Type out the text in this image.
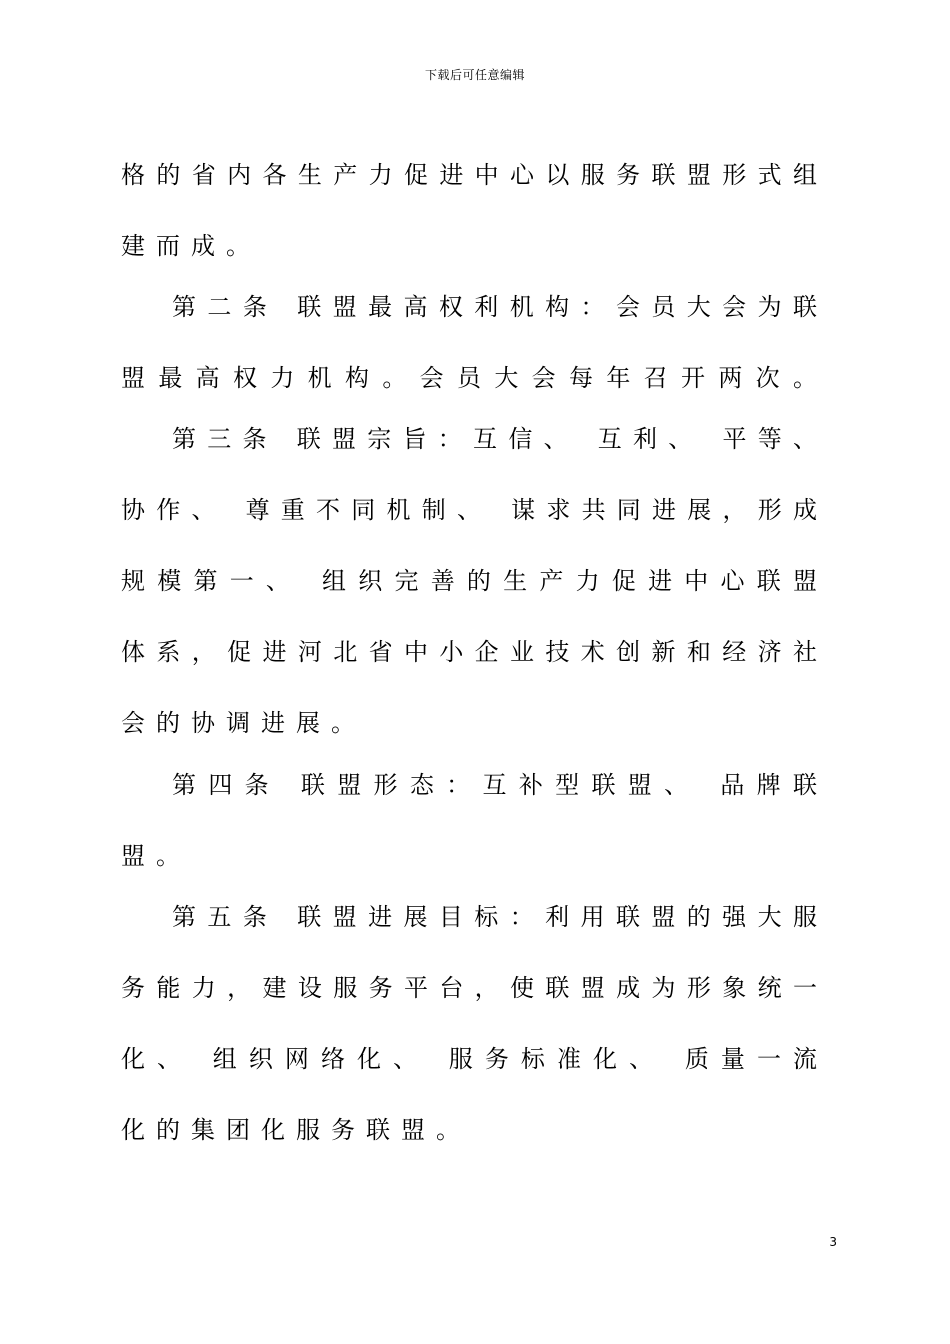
下载后可任意编辑
格的省内各生产力促进中心以服务联盟形式组
建而成。
第二条 联盟最高权利机构：会员大会为联
盟最高权力机构。会员大会每年召开两次。
第三条 联盟宗旨：互信、 互利、 平等、
协作、 尊重不同机制、 谋求共同进展，形成
规模第一、 组织完善的生产力促进中心联盟
体系，促进河北省中小企业技术创新和经济社
会的协调进展。
第四条 联盟形态：互补型联盟、 品牌联
盟。
第五条 联盟进展目标：利用联盟的强大服
务能力，建设服务平台，使联盟成为形象统一
化、 组织网络化、 服务标准化、 质量一流
化的集团化服务联盟。
3
